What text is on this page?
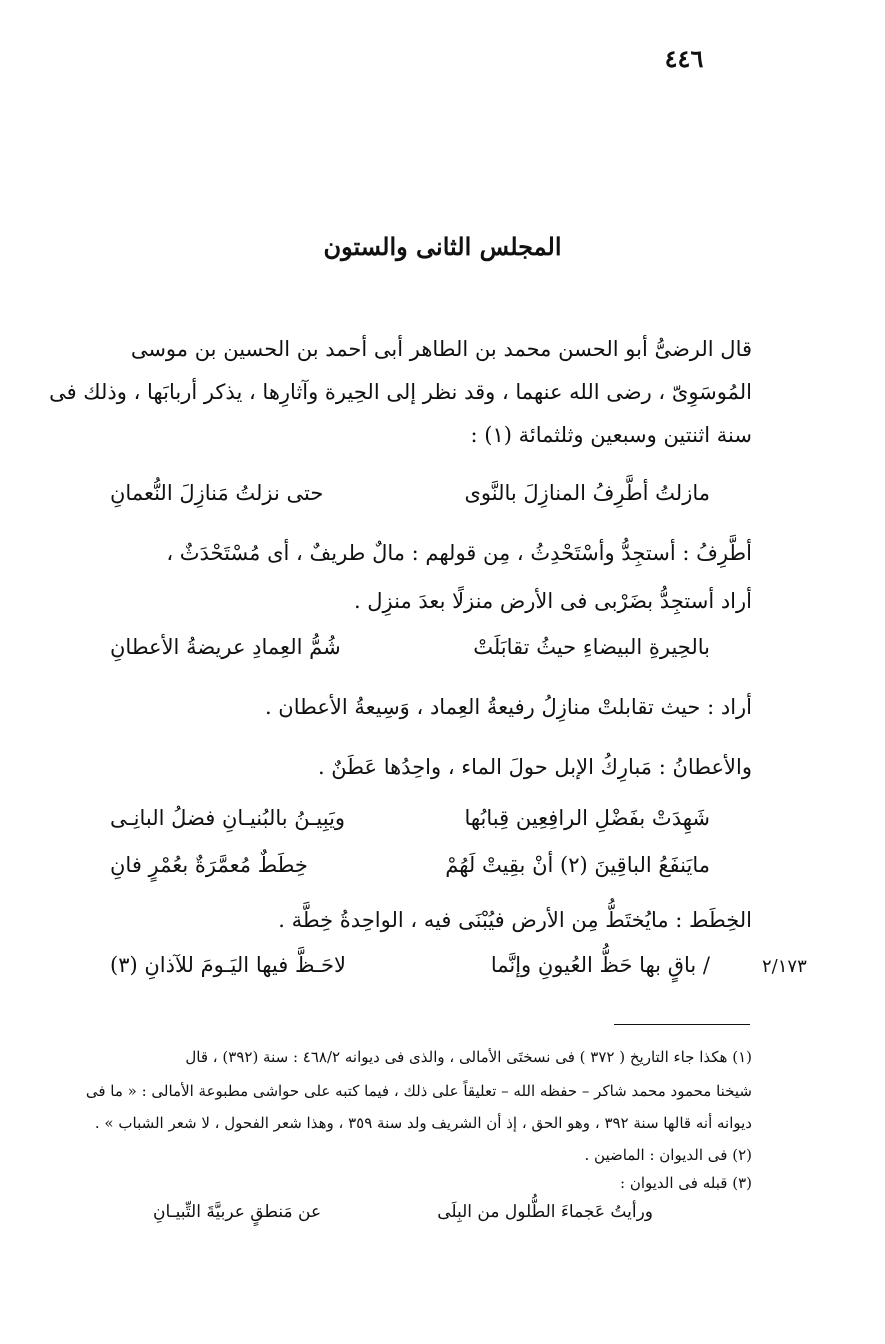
٤٤٦
المجلس الثانى والستون
قال الرضىُّ أبو الحسن محمد بن الطاهر أبى أحمد بن الحسين بن موسى
المُوسَوِىّ ، رضى الله عنهما ، وقد نظر إلى الحِيرة وآثارِها ، يذكر أربابَها ، وذلك فى
سنة اثنتين وسبعين وثلثمائة (١) :
مازلتُ أطَّرِفُ المنازِلَ بالنَّوى
حتى نزلتُ مَنازِلَ النُّعمانِ
أطَّرِفُ : أستجِدُّ وأسْتَحْدِثُ ، مِن قولهم : مالٌ طريفٌ ، أى مُسْتَحْدَثٌ ،
أراد أستجِدُّ بضَرْبى فى الأرض منزلًا بعدَ منزِل .
بالحِيرةِ البيضاءِ حيثُ تقابَلَتْ
شُمُّ العِمادِ عريضةُ الأعطانِ
أراد : حيث تقابلتْ منازِلُ رفيعةُ العِماد ، وَسِيعةُ الأعطان .
والأعطانُ : مَبارِكُ الإبل حولَ الماء ، واحِدُها عَطَنٌ .
شَهِدَتْ بفَضْلِ الرافِعِين قِبابُها
ويَبِيـنُ بالبُنيـانِ فضلُ البانِـى
مايَنفَعُ الباقِينَ (٢) أنْ بقِيتْ لَهُمْ
خِطَطٌ مُعمَّرَةٌ بعُمْرٍ فانِ
الخِطَط : مايُختَطُّ مِن الأرض فيُبْنَى فيه ، الواحِدةُ خِطَّة .
/ باقٍ بها حَظُّ العُيونِ وإنَّما
لاحَـظَّ فيها اليَـومَ للآذانِ (٣)	٢/١٧٣
(١) هكذا جاء التاريخ ( ٣٧٢ ) فى نسختَى الأمالى ، والذى فى ديوانه ٤٦٨/٢ : سنة (٣٩٢) ، قال
شيخنا محمود محمد شاكر – حفظه الله – تعليقاً على ذلك ، فيما كتبه على حواشى مطبوعة الأمالى : « ما فى
ديوانه أنه قالها سنة ٣٩٢ ، وهو الحق ، إذ أن الشريف ولد سنة ٣٥٩ ، وهذا شعر الفحول ، لا شعر الشباب » .
(٢) فى الديوان : الماضين .
(٣) قبله فى الديوان :
ورأيتُ عَجماءَ الطُّلول من البِلَى
عن مَنطقٍ عربيَّةَ التِّبيـانِ
